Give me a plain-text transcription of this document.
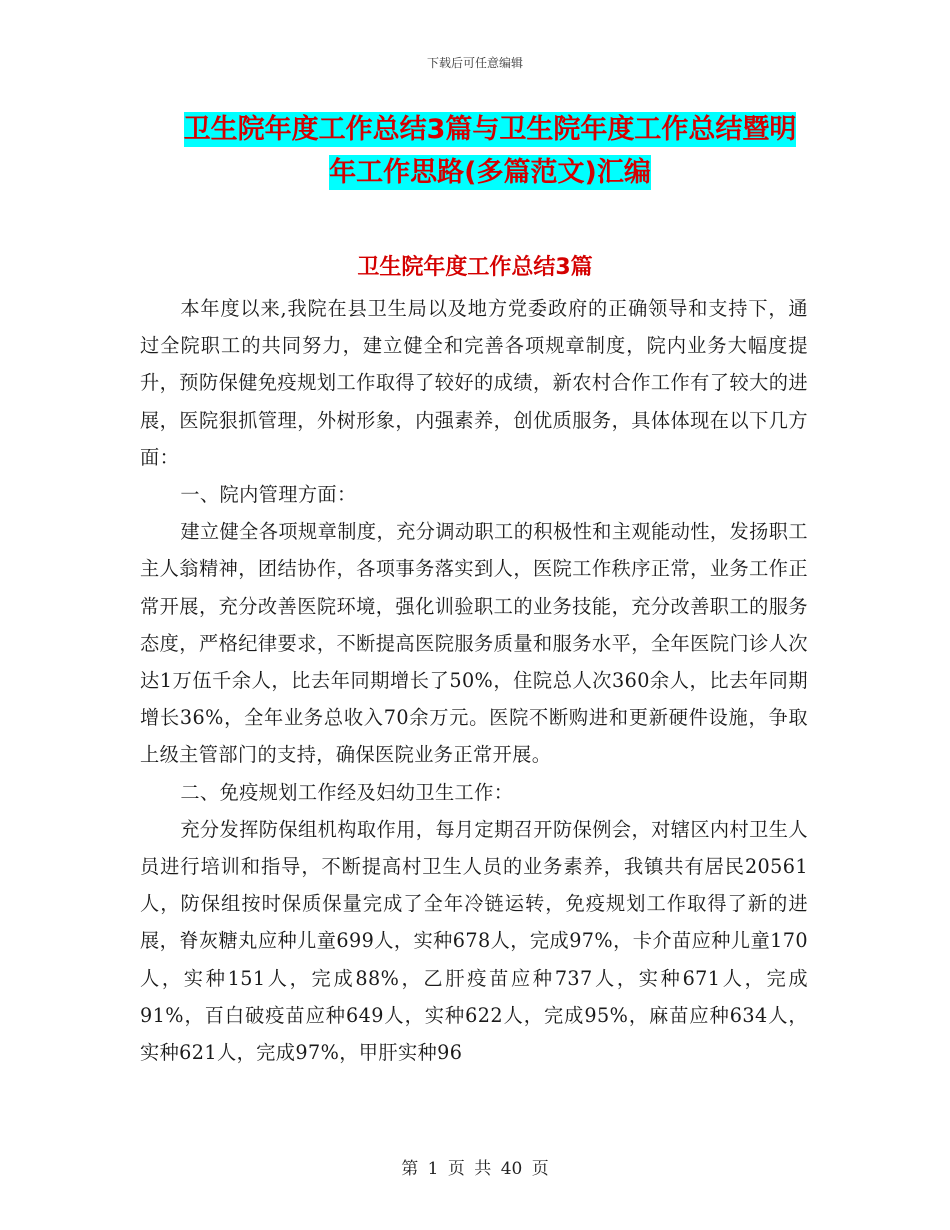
下载后可任意编辑
卫生院年度工作总结3篇与卫生院年度工作总结暨明
年工作思路(多篇范文)汇编
卫生院年度工作总结3篇

本年度以来,我院在县卫生局以及地方党委政府的正确领导和支持下，通过全院职工的共同努力，建立健全和完善各项规章制度，院内业务大幅度提升，预防保健免疫规划工作取得了较好的成绩，新农村合作工作有了较大的进展，医院狠抓管理，外树形象，内强素养，创优质服务，具体体现在以下几方面：

一、院内管理方面：

建立健全各项规章制度，充分调动职工的积极性和主观能动性，发扬职工主人翁精神，团结协作，各项事务落实到人，医院工作秩序正常，业务工作正常开展，充分改善医院环境，强化训验职工的业务技能，充分改善职工的服务态度，严格纪律要求，不断提高医院服务质量和服务水平，全年医院门诊人次达1万伍千余人，比去年同期增长了50%，住院总人次360余人，比去年同期增长36%，全年业务总收入70余万元。医院不断购进和更新硬件设施，争取上级主管部门的支持，确保医院业务正常开展。

二、免疫规划工作经及妇幼卫生工作：

充分发挥防保组机构取作用，每月定期召开防保例会，对辖区内村卫生人员进行培训和指导，不断提高村卫生人员的业务素养，我镇共有居民20561人，防保组按时保质保量完成了全年冷链运转，免疫规划工作取得了新的进展，脊灰糖丸应种儿童699人，实种678人，完成97%，卡介苗应种儿童170人，实种151人，完成88%，乙肝疫苗应种737人，实种671人，完成91%，百白破疫苗应种649人，实种622人，完成95%，麻苗应种634人，实种621人，完成97%，甲肝实种96

第 1 页 共 40 页
